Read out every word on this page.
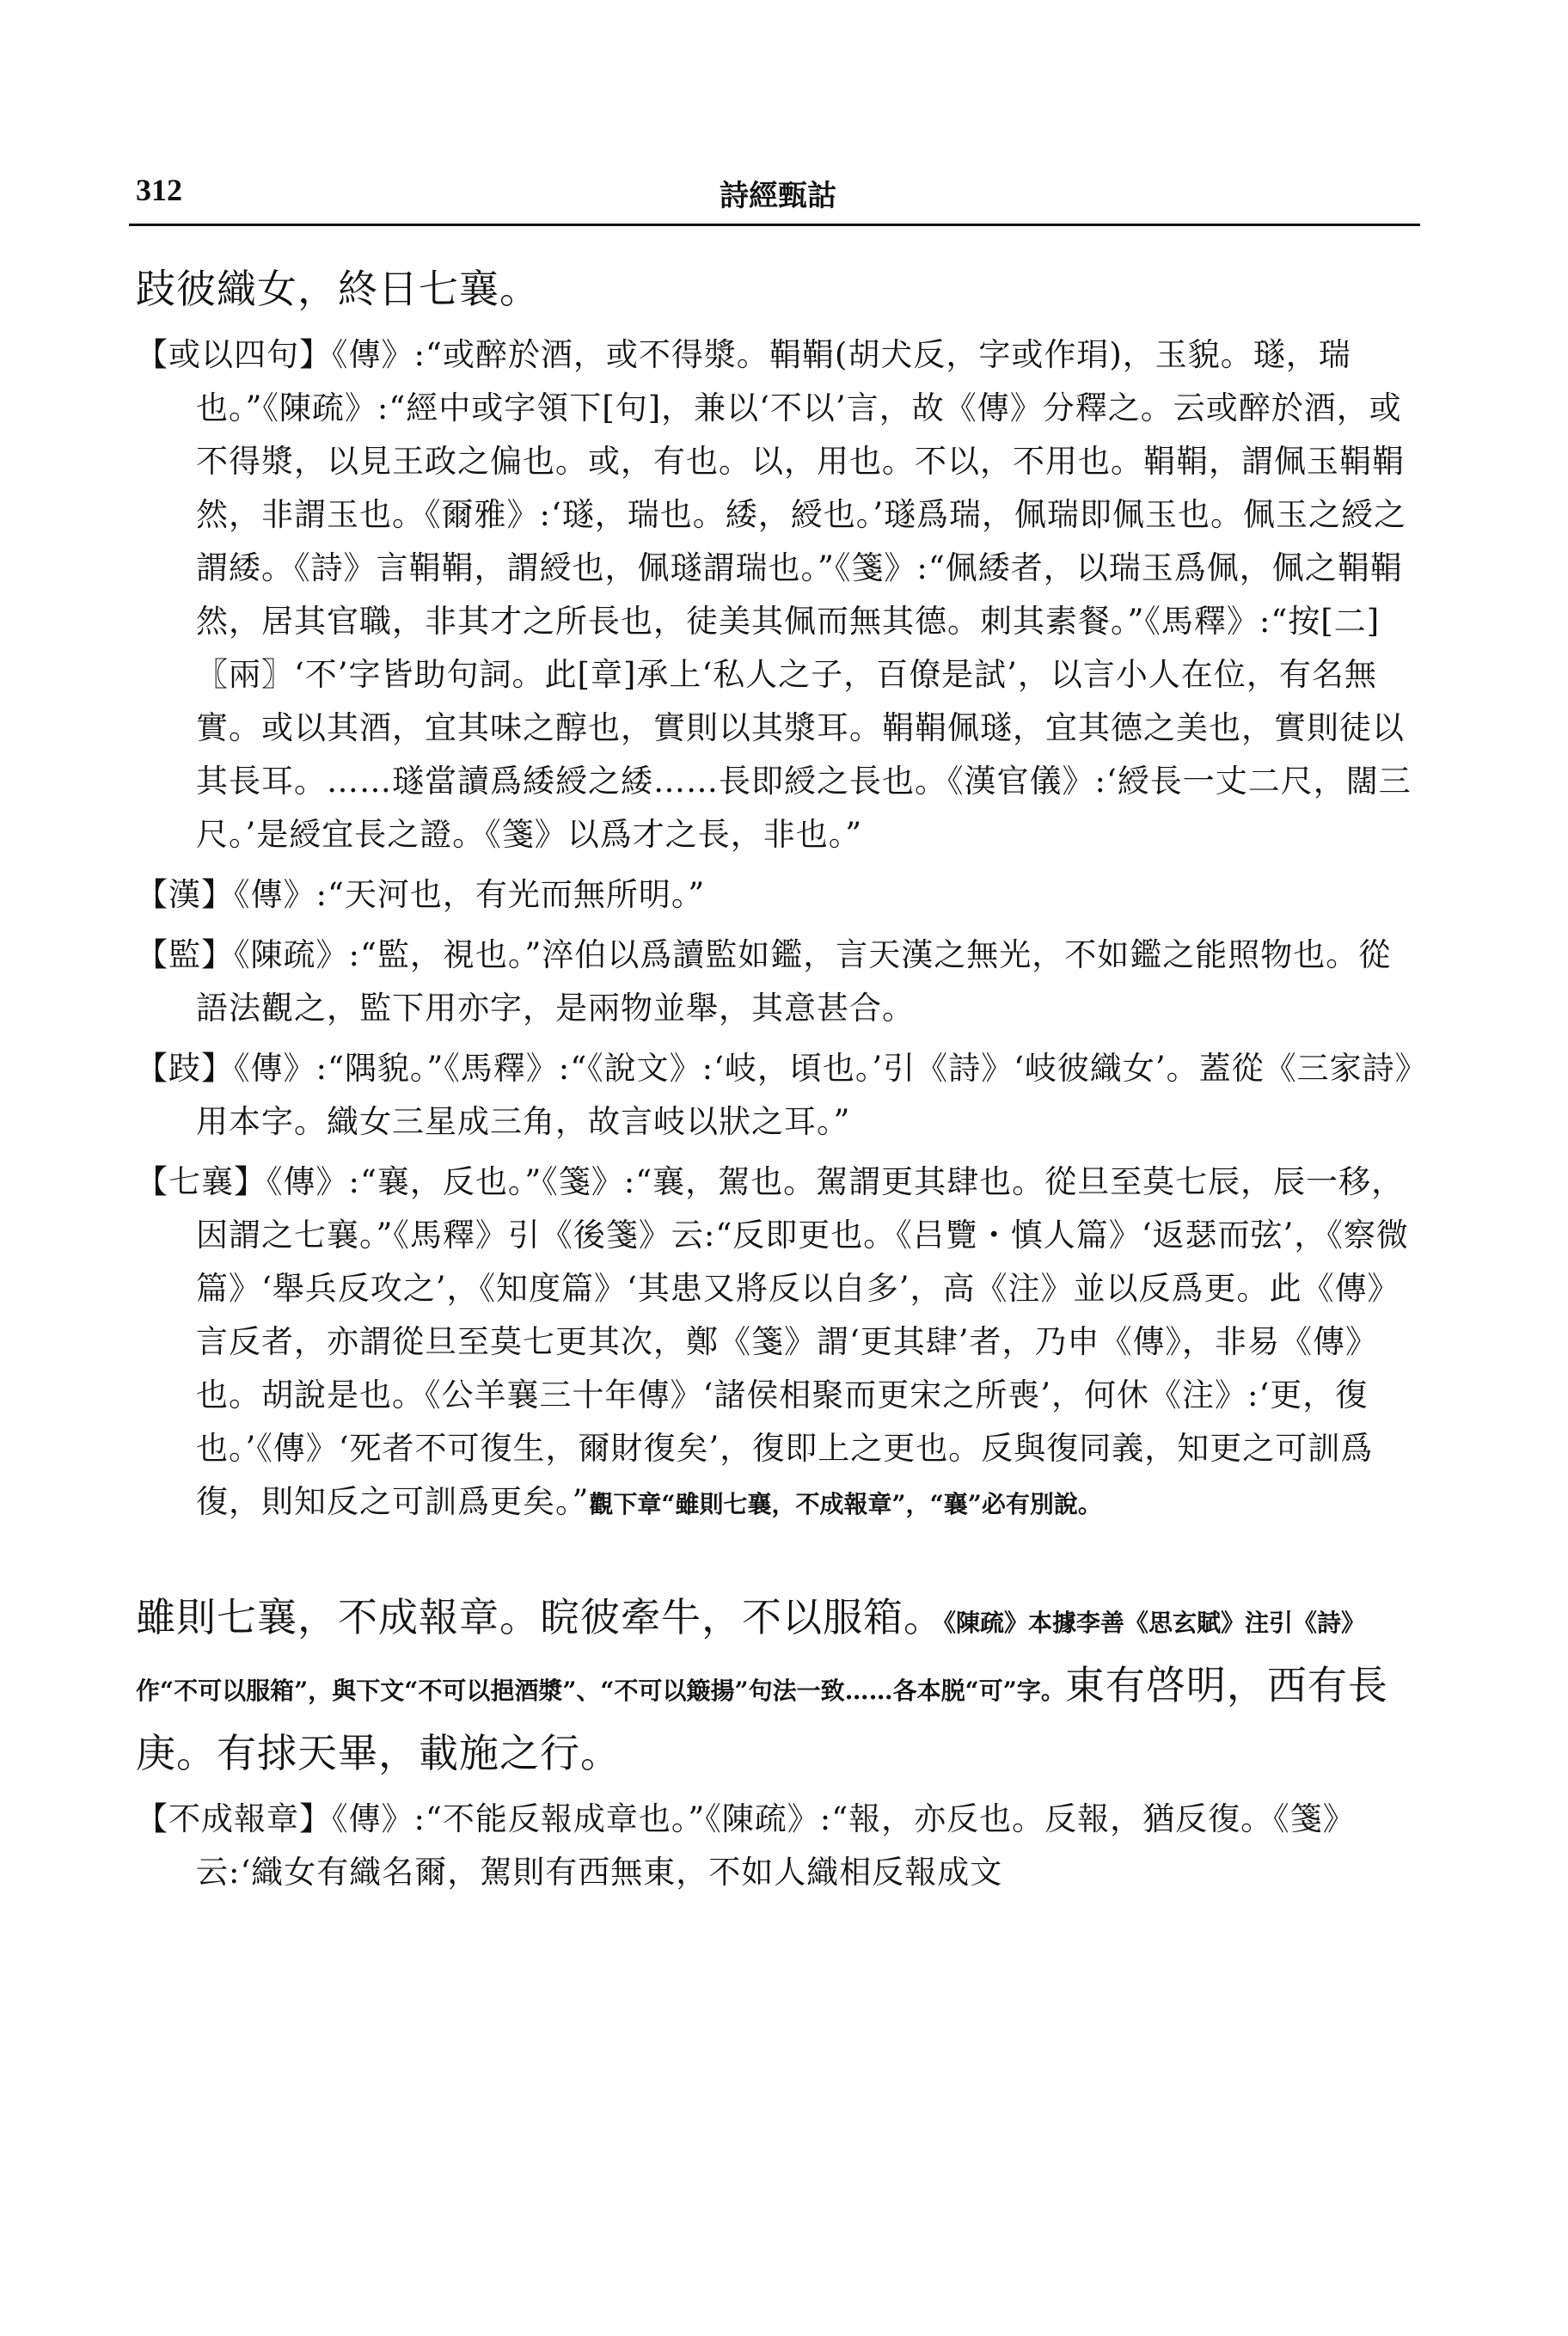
312	詩經甄詁

跂彼織女，終日七襄。

【或以四句】《傳》:“或醉於酒，或不得漿。鞙鞙(胡犬反，字或作琄)，玉貌。璲，瑞也。”《陳疏》:“經中或字領下[句]，兼以‘不以’言，故《傳》分釋之。云或醉於酒，或不得漿，以見王政之偏也。或，有也。以，用也。不以，不用也。鞙鞙，謂佩玉鞙鞙然，非謂玉也。《爾雅》:‘璲，瑞也。緌，綬也。’璲爲瑞，佩瑞即佩玉也。佩玉之綬之謂緌。《詩》言鞙鞙，謂綬也，佩璲謂瑞也。”《箋》:“佩緌者，以瑞玉爲佩，佩之鞙鞙然，居其官職，非其才之所長也，徒美其佩而無其德。刺其素餐。”《馬釋》:“按[二]〖兩〗‘不’字皆助句詞。此[章]承上‘私人之子，百僚是試’，以言小人在位，有名無實。或以其酒，宜其味之醇也，實則以其漿耳。鞙鞙佩璲，宜其德之美也，實則徒以其長耳。……璲當讀爲緌綬之緌……長即綬之長也。《漢官儀》:‘綬長一丈二尺，闊三尺。’是綬宜長之證。《箋》以爲才之長，非也。”

【漢】《傳》:“天河也，有光而無所明。”

【監】《陳疏》:“監，視也。”淬伯以爲讀監如鑑，言天漢之無光，不如鑑之能照物也。從語法觀之，監下用亦字，是兩物並舉，其意甚合。

【跂】《傳》:“隅貌。”《馬釋》:“《說文》:‘岐，頃也。’引《詩》‘岐彼織女’。蓋從《三家詩》用本字。織女三星成三角，故言岐以狀之耳。”

【七襄】《傳》:“襄，反也。”《箋》:“襄，駕也。駕謂更其肆也。從旦至莫七辰，辰一移，因謂之七襄。”《馬釋》引《後箋》云:“反即更也。《吕覽・慎人篇》‘返瑟而弦’，《察微篇》‘舉兵反攻之’，《知度篇》‘其患又將反以自多’，高《注》並以反爲更。此《傳》言反者，亦謂從旦至莫七更其次，鄭《箋》謂‘更其肆’者，乃申《傳》，非易《傳》也。胡說是也。《公羊襄三十年傳》‘諸侯相聚而更宋之所喪’，何休《注》:‘更，復也。’《傳》‘死者不可復生，爾財復矣’，復即上之更也。反與復同義，知更之可訓爲復，則知反之可訓爲更矣。”觀下章“雖則七襄，不成報章”，“襄”必有別說。

雖則七襄，不成報章。睆彼牽牛，不以服箱。《陳疏》本據李善《思玄賦》注引《詩》作“不可以服箱”，與下文“不可以挹酒漿”、“不可以簸揚”句法一致……各本脱“可”字。東有啓明，西有長庚。有捄天畢，載施之行。

【不成報章】《傳》:“不能反報成章也。”《陳疏》:“報，亦反也。反報，猶反復。《箋》云:‘織女有織名爾，駕則有西無東，不如人織相反報成文
